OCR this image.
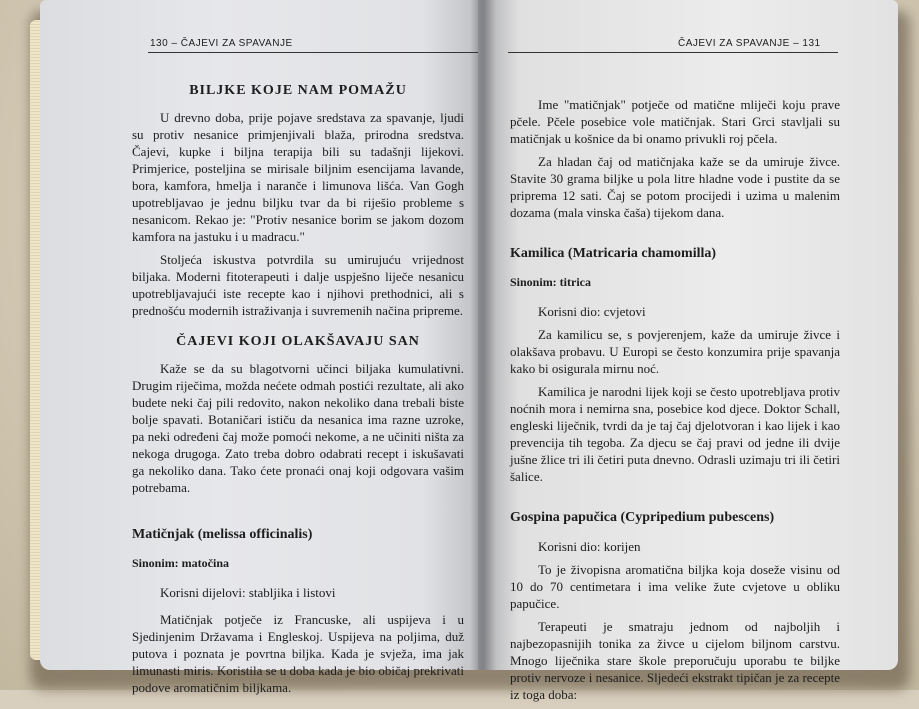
130 – ČAJEVI ZA SPAVANJE
BILJKE KOJE NAM POMAŽU

U drevno doba, prije pojave sredstava za spavanje, ljudi su protiv nesanice primjenjivali blaža, prirodna sredstva. Čajevi, kupke i biljna terapija bili su tadašnji lijekovi. Primjerice, posteljina se mirisale biljnim esencijama lavande, bora, kamfora, hmelja i naranče i limunova lišća. Van Gogh upotrebljavao je jednu biljku tvar da bi riješio probleme s nesanicom. Rekao je: "Protiv nesanice borim se jakom dozom kamfora na jastuku i u madracu."

Stoljeća iskustva potvrdila su umirujuću vrijednost biljaka. Moderni fitoterapeuti i dalje uspješno liječe nesanicu upotrebljavajući iste recepte kao i njihovi prethodnici, ali s prednošću modernih istraživanja i suvremenih načina pripreme.

ČAJEVI KOJI OLAKŠAVAJU SAN

Kaže se da su blagotvorni učinci biljaka kumulativni. Drugim riječima, možda nećete odmah postići rezultate, ali ako budete neki čaj pili redovito, nakon nekoliko dana trebali biste bolje spavati. Botaničari ističu da nesanica ima razne uzroke, pa neki određeni čaj može pomoći nekome, a ne učiniti ništa za nekoga drugoga. Zato treba dobro odabrati recept i iskušavati ga nekoliko dana. Tako ćete pronaći onaj koji odgovara vašim potrebama.

Matičnjak (melissa officinalis)
Sinonim: matočina

Korisni dijelovi: stabljika i listovi

Matičnjak potječe iz Francuske, ali uspijeva i u Sjedinjenim Državama i Engleskoj. Uspijeva na poljima, duž putova i poznata je povrtna biljka. Kada je svježa, ima jak limunasti miris. Koristila se u doba kada je bio običaj prekrivati podove aromatičnim biljkama.

ČAJEVI ZA SPAVANJE – 131

Ime "matičnjak" potječe od matične mliječi koju prave pčele. Pčele posebice vole matičnjak. Stari Grci stavljali su matičnjak u košnice da bi onamo privukli roj pčela.

Za hladan čaj od matičnjaka kaže se da umiruje živce. Stavite 30 grama biljke u pola litre hladne vode i pustite da se priprema 12 sati. Čaj se potom procijedi i uzima u malenim dozama (mala vinska čaša) tijekom dana.

Kamilica (Matricaria chamomilla)
Sinonim: titrica

Korisni dio: cvjetovi

Za kamilicu se, s povjerenjem, kaže da umiruje živce i olakšava probavu. U Europi se često konzumira prije spavanja kako bi osigurala mirnu noć.

Kamilica je narodni lijek koji se često upotrebljava protiv noćnih mora i nemirna sna, posebice kod djece. Doktor Schall, engleski liječnik, tvrdi da je taj čaj djelotvoran i kao lijek i kao prevencija tih tegoba. Za djecu se čaj pravi od jedne ili dvije jušne žlice tri ili četiri puta dnevno. Odrasli uzimaju tri ili četiri šalice.

Gospina papučica (Cypripedium pubescens)

Korisni dio: korijen

To je živopisna aromatična biljka koja doseže visinu od 10 do 70 centimetara i ima velike žute cvjetove u obliku papučice.

Terapeuti je smatraju jednom od najboljih i najbezopasnijih tonika za živce u cijelom biljnom carstvu. Mnogo liječnika stare škole preporučuju uporabu te biljke protiv nervoze i nesanice. Sljedeći ekstrakt tipičan je za recepte iz toga doba:
